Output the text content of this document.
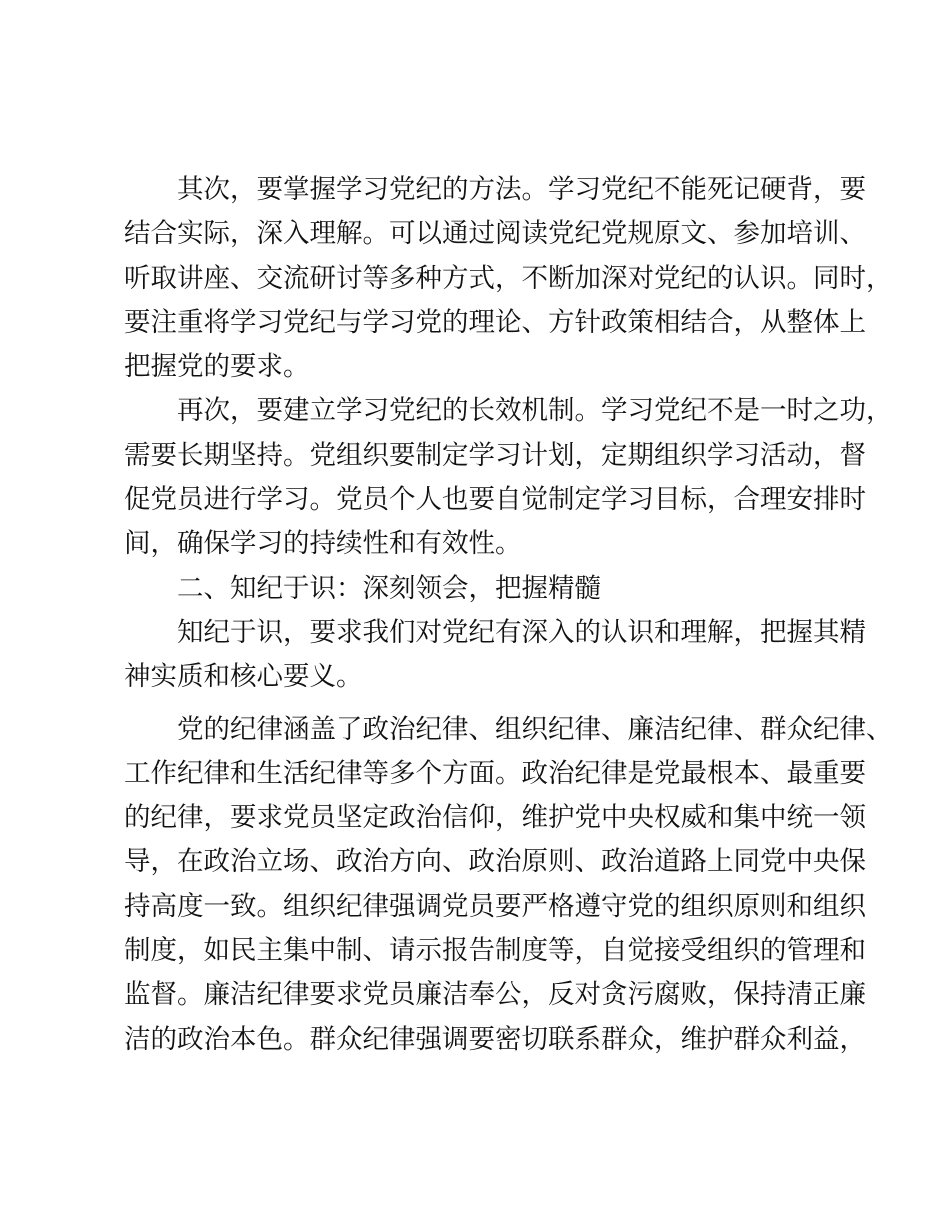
其次，要掌握学习党纪的方法。学习党纪不能死记硬背，要
结合实际，深入理解。可以通过阅读党纪党规原文、参加培训、
听取讲座、交流研讨等多种方式，不断加深对党纪的认识。同时，
要注重将学习党纪与学习党的理论、方针政策相结合，从整体上
把握党的要求。
再次，要建立学习党纪的长效机制。学习党纪不是一时之功，
需要长期坚持。党组织要制定学习计划，定期组织学习活动，督
促党员进行学习。党员个人也要自觉制定学习目标，合理安排时
间，确保学习的持续性和有效性。
二、知纪于识：深刻领会，把握精髓
知纪于识，要求我们对党纪有深入的认识和理解，把握其精
神实质和核心要义。
党的纪律涵盖了政治纪律、组织纪律、廉洁纪律、群众纪律、
工作纪律和生活纪律等多个方面。政治纪律是党最根本、最重要
的纪律，要求党员坚定政治信仰，维护党中央权威和集中统一领
导，在政治立场、政治方向、政治原则、政治道路上同党中央保
持高度一致。组织纪律强调党员要严格遵守党的组织原则和组织
制度，如民主集中制、请示报告制度等，自觉接受组织的管理和
监督。廉洁纪律要求党员廉洁奉公，反对贪污腐败，保持清正廉
洁的政治本色。群众纪律强调要密切联系群众，维护群众利益，
